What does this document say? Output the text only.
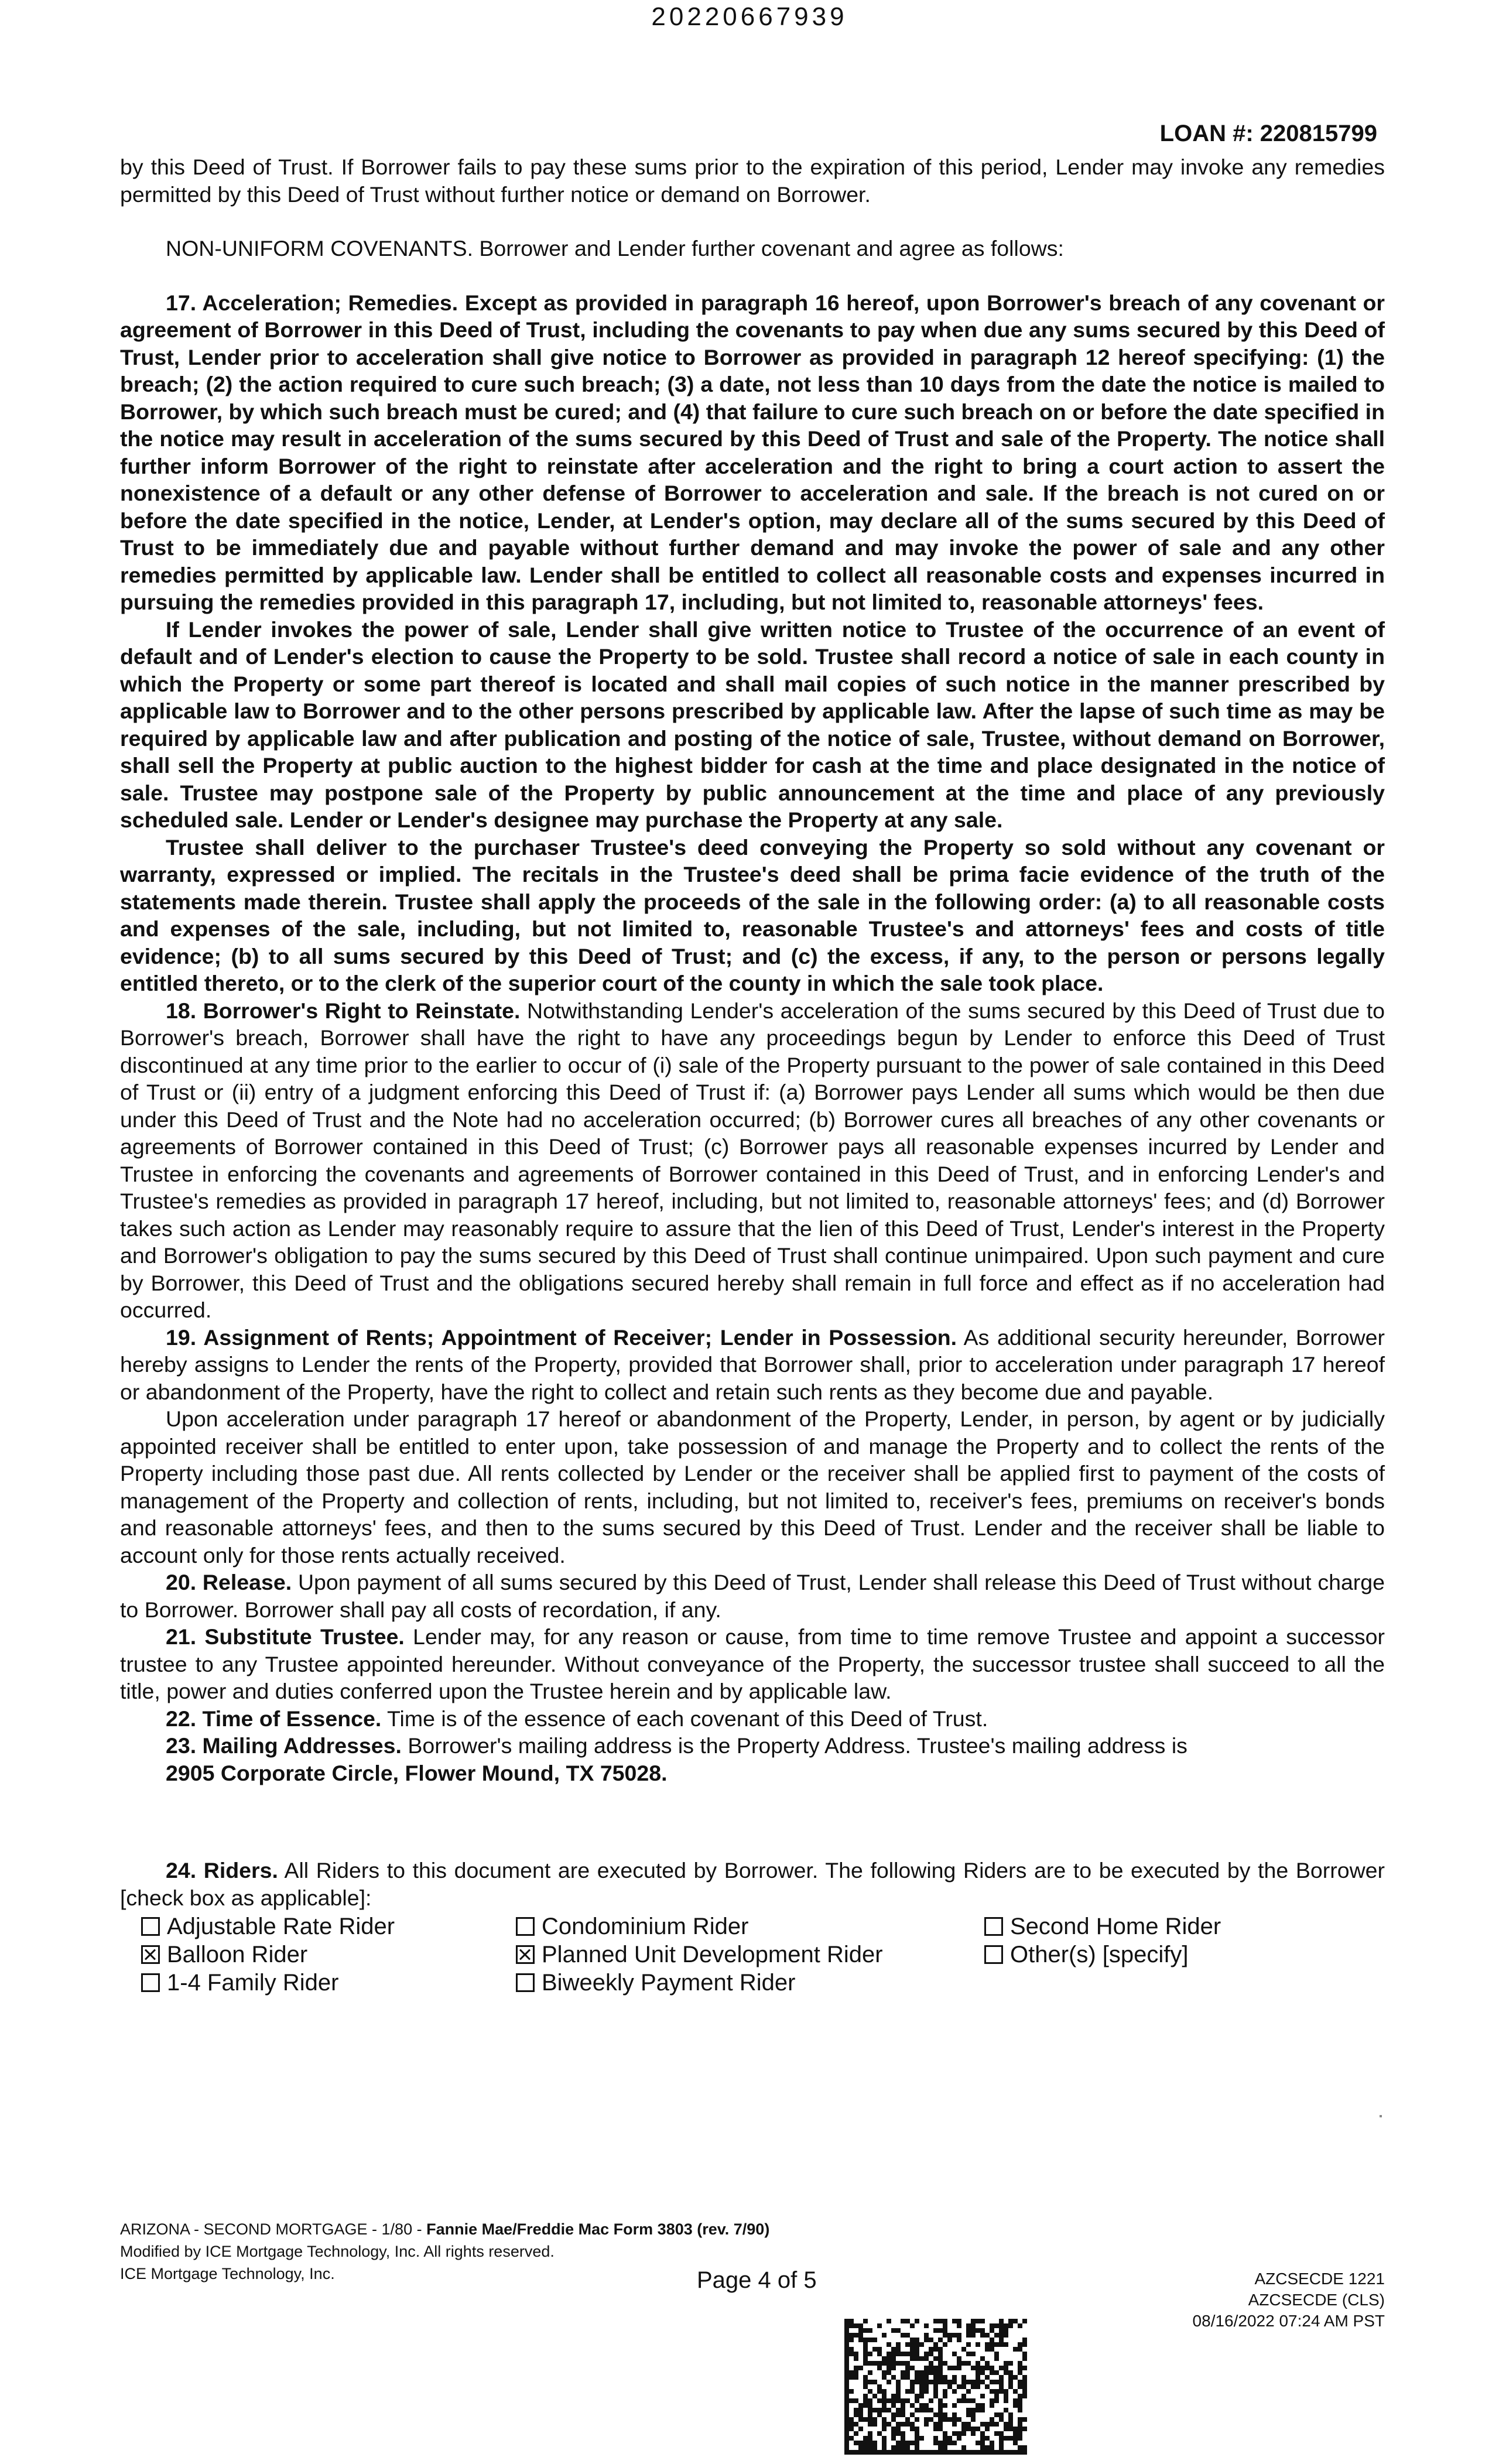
20220667939
LOAN #: 220815799

by this Deed of Trust. If Borrower fails to pay these sums prior to the expiration of this period, Lender may invoke any remedies permitted by this Deed of Trust without further notice or demand on Borrower.

NON-UNIFORM COVENANTS. Borrower and Lender further covenant and agree as follows:

17. Acceleration; Remedies. Except as provided in paragraph 16 hereof, upon Borrower's breach of any covenant or agreement of Borrower in this Deed of Trust, including the covenants to pay when due any sums secured by this Deed of Trust, Lender prior to acceleration shall give notice to Borrower as provided in paragraph 12 hereof specifying: (1) the breach; (2) the action required to cure such breach; (3) a date, not less than 10 days from the date the notice is mailed to Borrower, by which such breach must be cured; and (4) that failure to cure such breach on or before the date specified in the notice may result in acceleration of the sums secured by this Deed of Trust and sale of the Property. The notice shall further inform Borrower of the right to reinstate after acceleration and the right to bring a court action to assert the nonexistence of a default or any other defense of Borrower to acceleration and sale. If the breach is not cured on or before the date specified in the notice, Lender, at Lender's option, may declare all of the sums secured by this Deed of Trust to be immediately due and payable without further demand and may invoke the power of sale and any other remedies permitted by applicable law. Lender shall be entitled to collect all reasonable costs and expenses incurred in pursuing the remedies provided in this paragraph 17, including, but not limited to, reasonable attorneys' fees.

If Lender invokes the power of sale, Lender shall give written notice to Trustee of the occurrence of an event of default and of Lender's election to cause the Property to be sold. Trustee shall record a notice of sale in each county in which the Property or some part thereof is located and shall mail copies of such notice in the manner prescribed by applicable law to Borrower and to the other persons prescribed by applicable law. After the lapse of such time as may be required by applicable law and after publication and posting of the notice of sale, Trustee, without demand on Borrower, shall sell the Property at public auction to the highest bidder for cash at the time and place designated in the notice of sale. Trustee may postpone sale of the Property by public announcement at the time and place of any previously scheduled sale. Lender or Lender's designee may purchase the Property at any sale.

Trustee shall deliver to the purchaser Trustee's deed conveying the Property so sold without any covenant or warranty, expressed or implied. The recitals in the Trustee's deed shall be prima facie evidence of the truth of the statements made therein. Trustee shall apply the proceeds of the sale in the following order: (a) to all reasonable costs and expenses of the sale, including, but not limited to, reasonable Trustee's and attorneys' fees and costs of title evidence; (b) to all sums secured by this Deed of Trust; and (c) the excess, if any, to the person or persons legally entitled thereto, or to the clerk of the superior court of the county in which the sale took place.

18. Borrower's Right to Reinstate. Notwithstanding Lender's acceleration of the sums secured by this Deed of Trust due to Borrower's breach, Borrower shall have the right to have any proceedings begun by Lender to enforce this Deed of Trust discontinued at any time prior to the earlier to occur of (i) sale of the Property pursuant to the power of sale contained in this Deed of Trust or (ii) entry of a judgment enforcing this Deed of Trust if: (a) Borrower pays Lender all sums which would be then due under this Deed of Trust and the Note had no acceleration occurred; (b) Borrower cures all breaches of any other covenants or agreements of Borrower contained in this Deed of Trust; (c) Borrower pays all reasonable expenses incurred by Lender and Trustee in enforcing the covenants and agreements of Borrower contained in this Deed of Trust, and in enforcing Lender's and Trustee's remedies as provided in paragraph 17 hereof, including, but not limited to, reasonable attorneys' fees; and (d) Borrower takes such action as Lender may reasonably require to assure that the lien of this Deed of Trust, Lender's interest in the Property and Borrower's obligation to pay the sums secured by this Deed of Trust shall continue unimpaired. Upon such payment and cure by Borrower, this Deed of Trust and the obligations secured hereby shall remain in full force and effect as if no acceleration had occurred.

19. Assignment of Rents; Appointment of Receiver; Lender in Possession. As additional security hereunder, Borrower hereby assigns to Lender the rents of the Property, provided that Borrower shall, prior to acceleration under paragraph 17 hereof or abandonment of the Property, have the right to collect and retain such rents as they become due and payable.

Upon acceleration under paragraph 17 hereof or abandonment of the Property, Lender, in person, by agent or by judicially appointed receiver shall be entitled to enter upon, take possession of and manage the Property and to collect the rents of the Property including those past due. All rents collected by Lender or the receiver shall be applied first to payment of the costs of management of the Property and collection of rents, including, but not limited to, receiver's fees, premiums on receiver's bonds and reasonable attorneys' fees, and then to the sums secured by this Deed of Trust. Lender and the receiver shall be liable to account only for those rents actually received.

20. Release. Upon payment of all sums secured by this Deed of Trust, Lender shall release this Deed of Trust without charge to Borrower. Borrower shall pay all costs of recordation, if any.

21. Substitute Trustee. Lender may, for any reason or cause, from time to time remove Trustee and appoint a successor trustee to any Trustee appointed hereunder. Without conveyance of the Property, the successor trustee shall succeed to all the title, power and duties conferred upon the Trustee herein and by applicable law.

22. Time of Essence. Time is of the essence of each covenant of this Deed of Trust.

23. Mailing Addresses. Borrower's mailing address is the Property Address. Trustee's mailing address is
2905 Corporate Circle, Flower Mound, TX 75028.

24. Riders. All Riders to this document are executed by Borrower. The following Riders are to be executed by the Borrower [check box as applicable]:

Adjustable Rate Rider	Condominium Rider	Second Home Rider
Balloon Rider	Planned Unit Development Rider	Other(s) [specify]
1-4 Family Rider	Biweekly Payment Rider
ARIZONA - SECOND MORTGAGE - 1/80 - Fannie Mae/Freddie Mac Form 3803 (rev. 7/90)
Modified by ICE Mortgage Technology, Inc. All rights reserved.
ICE Mortgage Technology, Inc.	Page 4 of 5	AZCSECDE 1221
AZCSECDE (CLS)
08/16/2022 07:24 AM PST
